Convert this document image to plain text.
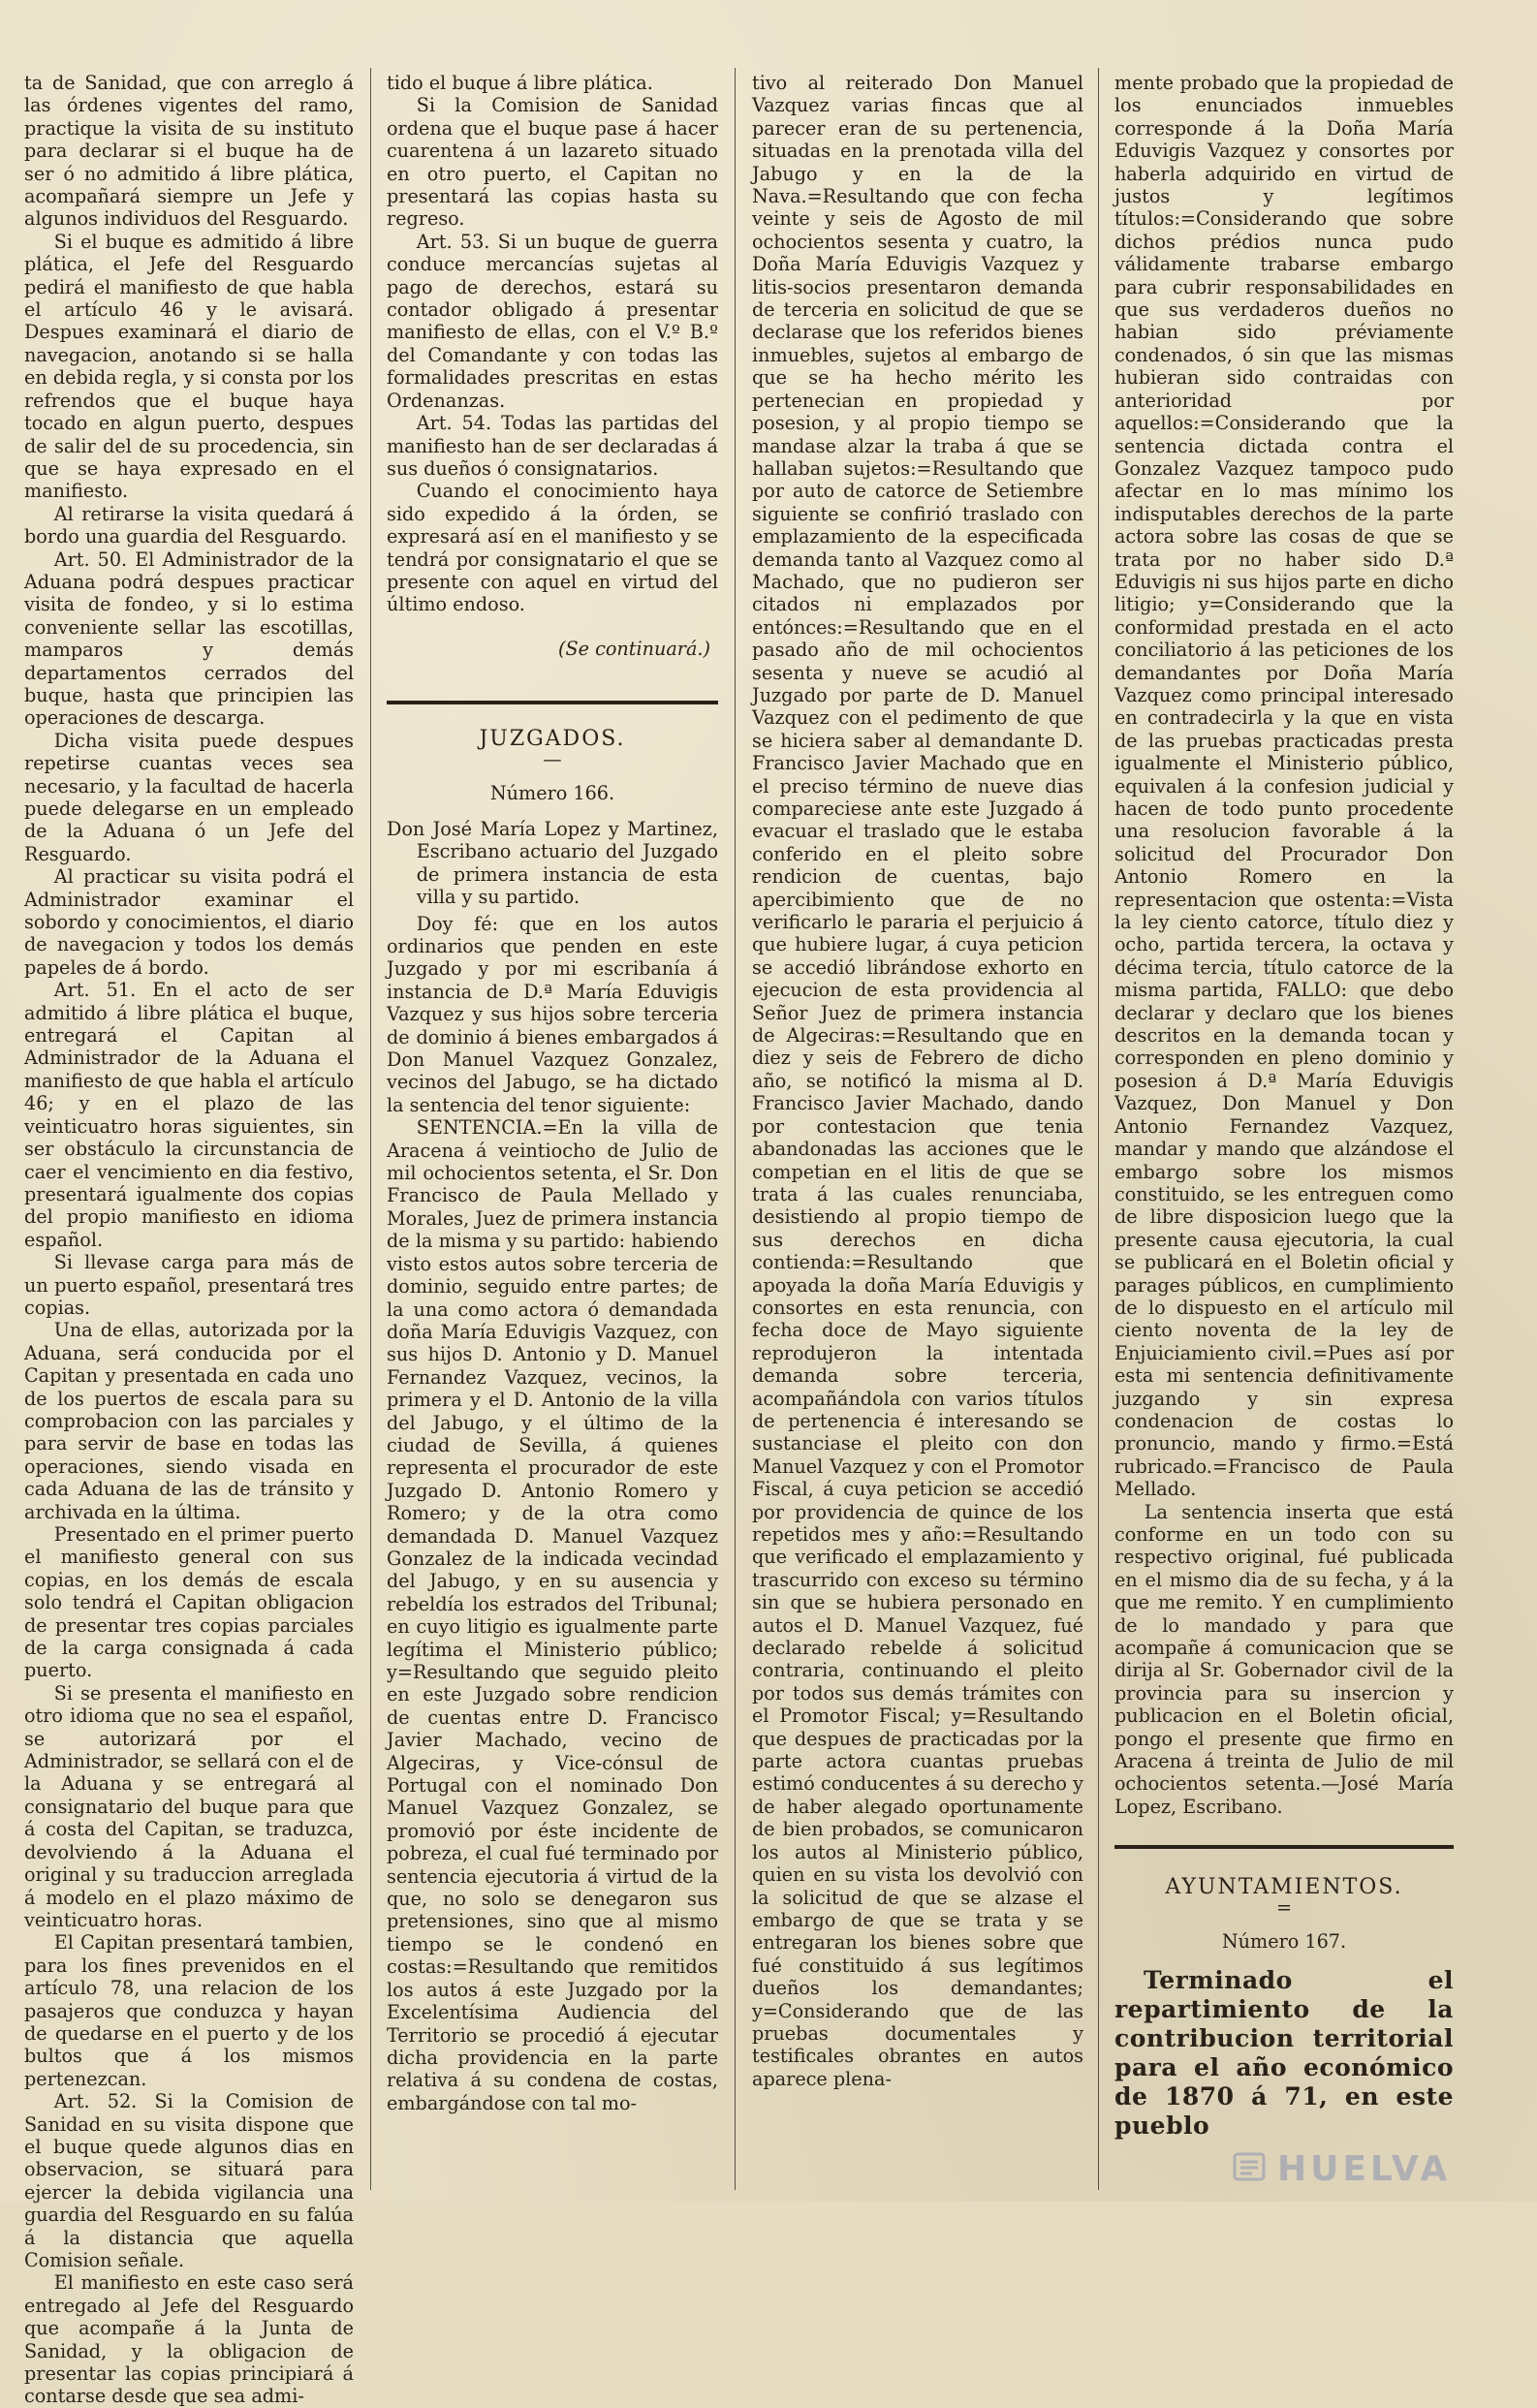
ta de Sanidad, que con arreglo á las órdenes vigentes del ramo, practique la visita de su instituto para declarar si el buque ha de ser ó no admitido á libre plática, acompañará siempre un Jefe y algunos individuos del Resguardo.

Si el buque es admitido á libre plática, el Jefe del Resguardo pedirá el manifiesto de que habla el artículo 46 y le avisará. Despues examinará el diario de navegacion, anotando si se halla en debida regla, y si consta por los refrendos que el buque haya tocado en algun puerto, despues de salir del de su procedencia, sin que se haya expresado en el manifiesto.

Al retirarse la visita quedará á bordo una guardia del Resguardo.

Art. 50. El Administrador de la Aduana podrá despues practicar visita de fondeo, y si lo estima conveniente sellar las escotillas, mamparos y demás departamentos cerrados del buque, hasta que principien las operaciones de descarga.

Dicha visita puede despues repetirse cuantas veces sea necesario, y la facultad de hacerla puede delegarse en un empleado de la Aduana ó un Jefe del Resguardo.

Al practicar su visita podrá el Administrador examinar el sobordo y conocimientos, el diario de navegacion y todos los demás papeles de á bordo.

Art. 51. En el acto de ser admitido á libre plática el buque, entregará el Capitan al Administrador de la Aduana el manifiesto de que habla el artículo 46; y en el plazo de las veinticuatro horas siguientes, sin ser obstáculo la circunstancia de caer el vencimiento en dia festivo, presentará igualmente dos copias del propio manifiesto en idioma español.

Si llevase carga para más de un puerto español, presentará tres copias.

Una de ellas, autorizada por la Aduana, será conducida por el Capitan y presentada en cada uno de los puertos de escala para su comprobacion con las parciales y para servir de base en todas las operaciones, siendo visada en cada Aduana de las de tránsito y archivada en la última.

Presentado en el primer puerto el manifiesto general con sus copias, en los demás de escala solo tendrá el Capitan obligacion de presentar tres copias parciales de la carga consignada á cada puerto.

Si se presenta el manifiesto en otro idioma que no sea el español, se autorizará por el Administrador, se sellará con el de la Aduana y se entregará al consignatario del buque para que á costa del Capitan, se traduzca, devolviendo á la Aduana el original y su traduccion arreglada á modelo en el plazo máximo de veinticuatro horas.

El Capitan presentará tambien, para los fines prevenidos en el artículo 78, una relacion de los pasajeros que conduzca y hayan de quedarse en el puerto y de los bultos que á los mismos pertenezcan.

Art. 52. Si la Comision de Sanidad en su visita dispone que el buque quede algunos dias en observacion, se situará para ejercer la debida vigilancia una guardia del Resguardo en su falúa á la distancia que aquella Comision señale.

El manifiesto en este caso será entregado al Jefe del Resguardo que acompañe á la Junta de Sanidad, y la obligacion de presentar las copias principiará á contarse desde que sea admi-

tido el buque á libre plática.

Si la Comision de Sanidad ordena que el buque pase á hacer cuarentena á un lazareto situado en otro puerto, el Capitan no presentará las copias hasta su regreso.

Art. 53. Si un buque de guerra conduce mercancías sujetas al pago de derechos, estará su contador obligado á presentar manifiesto de ellas, con el V.º B.º del Comandante y con todas las formalidades prescritas en estas Ordenanzas.

Art. 54. Todas las partidas del manifiesto han de ser declaradas á sus dueños ó consignatarios.

Cuando el conocimiento haya sido expedido á la órden, se expresará así en el manifiesto y se tendrá por consignatario el que se presente con aquel en virtud del último endoso.

(Se continuará.)
JUZGADOS.
—
Número 166.

Don José María Lopez y Martinez, Escribano actuario del Juzgado de primera instancia de esta villa y su partido.

Doy fé: que en los autos ordinarios que penden en este Juzgado y por mi escribanía á instancia de D.ª María Eduvigis Vazquez y sus hijos sobre terceria de dominio á bienes embargados á Don Manuel Vazquez Gonzalez, vecinos del Jabugo, se ha dictado la sentencia del tenor siguiente:

SENTENCIA.=En la villa de Aracena á veintiocho de Julio de mil ochocientos setenta, el Sr. Don Francisco de Paula Mellado y Morales, Juez de primera instancia de la misma y su partido: habiendo visto estos autos sobre terceria de dominio, seguido entre partes; de la una como actora ó demandada doña María Eduvigis Vazquez, con sus hijos D. Antonio y D. Manuel Fernandez Vazquez, vecinos, la primera y el D. Antonio de la villa del Jabugo, y el último de la ciudad de Sevilla, á quienes representa el procurador de este Juzgado D. Antonio Romero y Romero; y de la otra como demandada D. Manuel Vazquez Gonzalez de la indicada vecindad del Jabugo, y en su ausencia y rebeldía los estrados del Tribunal; en cuyo litigio es igualmente parte legítima el Ministerio público; y=Resultando que seguido pleito en este Juzgado sobre rendicion de cuentas entre D. Francisco Javier Machado, vecino de Algeciras, y Vice-cónsul de Portugal con el nominado Don Manuel Vazquez Gonzalez, se promovió por éste incidente de pobreza, el cual fué terminado por sentencia ejecutoria á virtud de la que, no solo se denegaron sus pretensiones, sino que al mismo tiempo se le condenó en costas:=Resultando que remitidos los autos á este Juzgado por la Excelentísima Audiencia del Territorio se procedió á ejecutar dicha providencia en la parte relativa á su condena de costas, embargándose con tal mo-

tivo al reiterado Don Manuel Vazquez varias fincas que al parecer eran de su pertenencia, situadas en la prenotada villa del Jabugo y en la de la Nava.=Resultando que con fecha veinte y seis de Agosto de mil ochocientos sesenta y cuatro, la Doña María Eduvigis Vazquez y litis-socios presentaron demanda de terceria en solicitud de que se declarase que los referidos bienes inmuebles, sujetos al embargo de que se ha hecho mérito les pertenecian en propiedad y posesion, y al propio tiempo se mandase alzar la traba á que se hallaban sujetos:=Resultando que por auto de catorce de Setiembre siguiente se confirió traslado con emplazamiento de la especificada demanda tanto al Vazquez como al Machado, que no pudieron ser citados ni emplazados por entónces:=Resultando que en el pasado año de mil ochocientos sesenta y nueve se acudió al Juzgado por parte de D. Manuel Vazquez con el pedimento de que se hiciera saber al demandante D. Francisco Javier Machado que en el preciso término de nueve dias compareciese ante este Juzgado á evacuar el traslado que le estaba conferido en el pleito sobre rendicion de cuentas, bajo apercibimiento que de no verificarlo le pararia el perjuicio á que hubiere lugar, á cuya peticion se accedió librándose exhorto en ejecucion de esta providencia al Señor Juez de primera instancia de Algeciras:=Resultando que en diez y seis de Febrero de dicho año, se notificó la misma al D. Francisco Javier Machado, dando por contestacion que tenia abandonadas las acciones que le competian en el litis de que se trata á las cuales renunciaba, desistiendo al propio tiempo de sus derechos en dicha contienda:=Resultando que apoyada la doña María Eduvigis y consortes en esta renuncia, con fecha doce de Mayo siguiente reprodujeron la intentada demanda sobre terceria, acompañándola con varios títulos de pertenencia é interesando se sustanciase el pleito con don Manuel Vazquez y con el Promotor Fiscal, á cuya peticion se accedió por providencia de quince de los repetidos mes y año:=Resultando que verificado el emplazamiento y trascurrido con exceso su término sin que se hubiera personado en autos el D. Manuel Vazquez, fué declarado rebelde á solicitud contraria, continuando el pleito por todos sus demás trámites con el Promotor Fiscal; y=Resultando que despues de practicadas por la parte actora cuantas pruebas estimó conducentes á su derecho y de haber alegado oportunamente de bien probados, se comunicaron los autos al Ministerio público, quien en su vista los devolvió con la solicitud de que se alzase el embargo de que se trata y se entregaran los bienes sobre que fué constituido á sus legítimos dueños los demandantes; y=Considerando que de las pruebas documentales y testificales obrantes en autos aparece plena-

mente probado que la propiedad de los enunciados inmuebles corresponde á la Doña María Eduvigis Vazquez y consortes por haberla adquirido en virtud de justos y legítimos títulos:=Considerando que sobre dichos prédios nunca pudo válidamente trabarse embargo para cubrir responsabilidades en que sus verdaderos dueños no habian sido préviamente condenados, ó sin que las mismas hubieran sido contraidas con anterioridad por aquellos:=Considerando que la sentencia dictada contra el Gonzalez Vazquez tampoco pudo afectar en lo mas mínimo los indisputables derechos de la parte actora sobre las cosas de que se trata por no haber sido D.ª Eduvigis ni sus hijos parte en dicho litigio; y=Considerando que la conformidad prestada en el acto conciliatorio á las peticiones de los demandantes por Doña María Vazquez como principal interesado en contradecirla y la que en vista de las pruebas practicadas presta igualmente el Ministerio público, equivalen á la confesion judicial y hacen de todo punto procedente una resolucion favorable á la solicitud del Procurador Don Antonio Romero en la representacion que ostenta:=Vista la ley ciento catorce, título diez y ocho, partida tercera, la octava y décima tercia, título catorce de la misma partida, FALLO: que debo declarar y declaro que los bienes descritos en la demanda tocan y corresponden en pleno dominio y posesion á D.ª María Eduvigis Vazquez, Don Manuel y Don Antonio Fernandez Vazquez, mandar y mando que alzándose el embargo sobre los mismos constituido, se les entreguen como de libre disposicion luego que la presente causa ejecutoria, la cual se publicará en el Boletin oficial y parages públicos, en cumplimiento de lo dispuesto en el artículo mil ciento noventa de la ley de Enjuiciamiento civil.=Pues así por esta mi sentencia definitivamente juzgando y sin expresa condenacion de costas lo pronuncio, mando y firmo.=Está rubricado.=Francisco de Paula Mellado.

La sentencia inserta que está conforme en un todo con su respectivo original, fué publicada en el mismo dia de su fecha, y á la que me remito. Y en cumplimiento de lo mandado y para que acompañe á comunicacion que se dirija al Sr. Gobernador civil de la provincia para su insercion y publicacion en el Boletin oficial, pongo el presente que firmo en Aracena á treinta de Julio de mil ochocientos setenta.—José María Lopez, Escribano.

AYUNTAMIENTOS.
=
Número 167.

Terminado el repartimiento de la contribucion territorial para el año económico de 1870 á 71, en este pueblo

HUELVA
